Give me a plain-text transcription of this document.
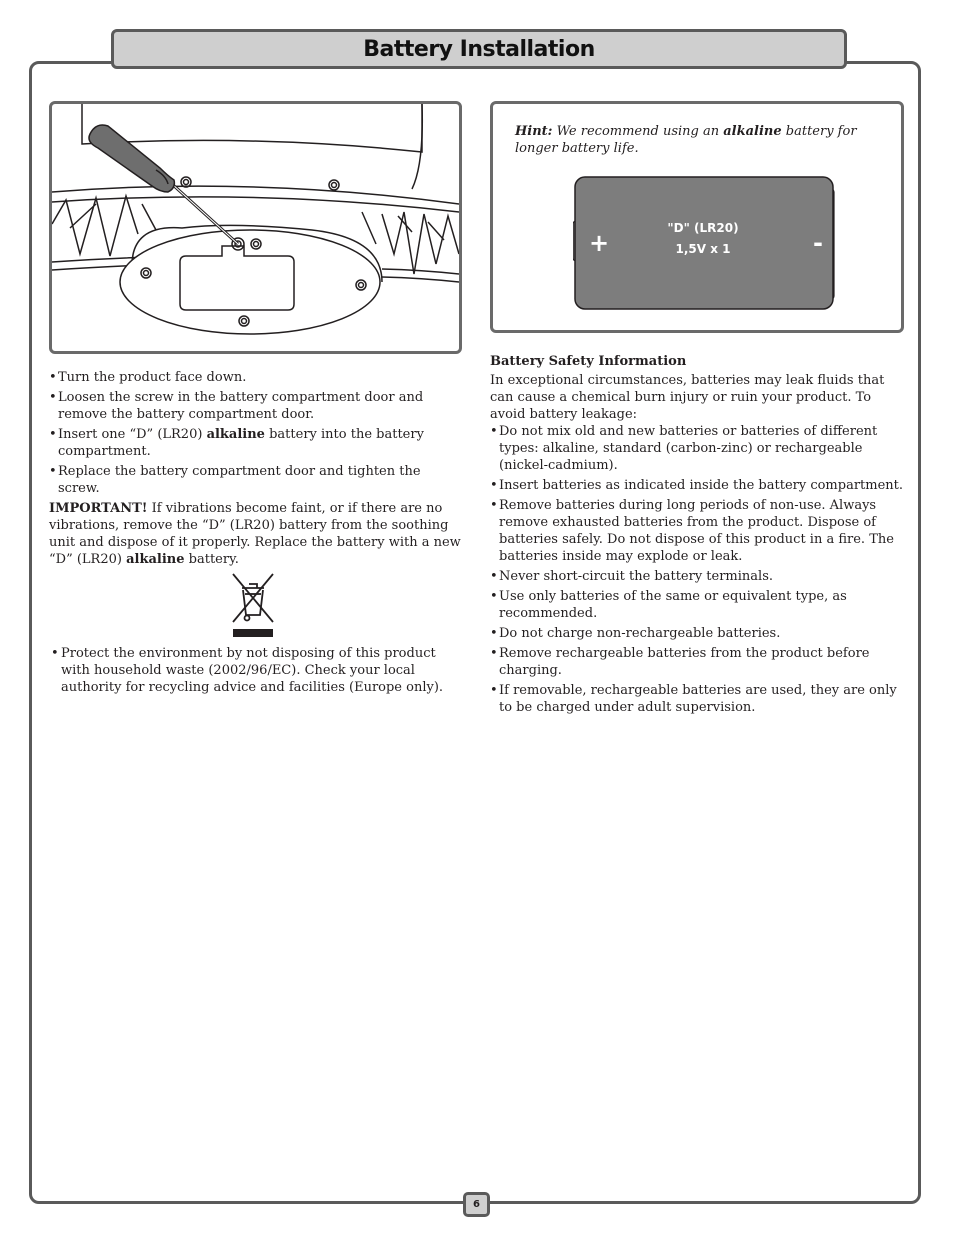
Battery Installation
Hint: We recommend using an alkaline battery for longer battery life.
+	-
"D" (LR20)
1,5V x 1
• Turn the product face down.
• Loosen the screw in the battery compartment door and remove the battery compartment door.
• Insert one “D” (LR20) alkaline battery into the battery compartment.
• Replace the battery compartment door and tighten the screw.
IMPORTANT! If vibrations become faint, or if there are no vibrations, remove the “D” (LR20) battery from the soothing unit and dispose of it properly. Replace the battery with a new “D” (LR20) alkaline battery.
• Protect the environment by not disposing of this product with household waste (2002/96/EC). Check your local authority for recycling advice and facilities (Europe only).
Battery Safety Information
In exceptional circumstances, batteries may leak fluids that can cause a chemical burn injury or ruin your product. To avoid battery leakage:
• Do not mix old and new batteries or batteries of different types: alkaline, standard (carbon-zinc) or rechargeable (nickel-cadmium).
• Insert batteries as indicated inside the battery compartment.
• Remove batteries during long periods of non-use. Always remove exhausted batteries from the product. Dispose of batteries safely. Do not dispose of this product in a fire. The batteries inside may explode or leak.
• Never short-circuit the battery terminals.
• Use only batteries of the same or equivalent type, as recommended.
• Do not charge non-rechargeable batteries.
• Remove rechargeable batteries from the product before charging.
• If removable, rechargeable batteries are used, they are only to be charged under adult supervision.
6
